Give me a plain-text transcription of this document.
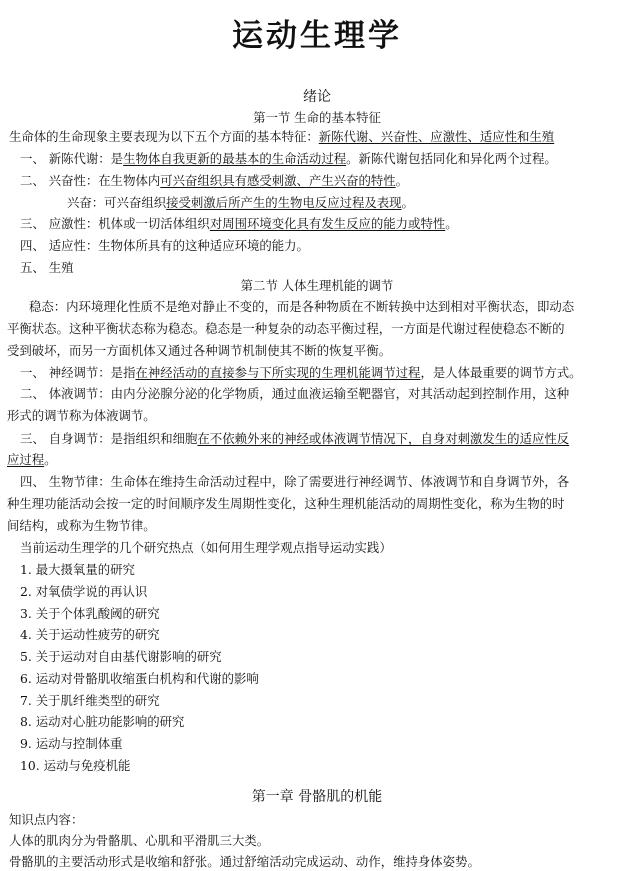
运动生理学
绪论
第一节 生命的基本特征
生命体的生命现象主要表现为以下五个方面的基本特征：新陈代谢、兴奋性、应激性、适应性和生殖
一、 新陈代谢：是生物体自我更新的最基本的生命活动过程。新陈代谢包括同化和异化两个过程。
二、 兴奋性：在生物体内可兴奋组织具有感受刺激、产生兴奋的特性。
兴奋：可兴奋组织接受刺激后所产生的生物电反应过程及表现。
三、 应激性：机体或一切活体组织对周围环境变化具有发生反应的能力或特性。
四、 适应性：生物体所具有的这种适应环境的能力。
五、 生殖
第二节 人体生理机能的调节
稳态：内环境理化性质不是绝对静止不变的，而是各种物质在不断转换中达到相对平衡状态，即动态
平衡状态。这种平衡状态称为稳态。稳态是一种复杂的动态平衡过程，一方面是代谢过程使稳态不断的
受到破坏，而另一方面机体又通过各种调节机制使其不断的恢复平衡。
一、 神经调节：是指在神经活动的直接参与下所实现的生理机能调节过程，是人体最重要的调节方式。
二、 体液调节：由内分泌腺分泌的化学物质，通过血液运输至靶器官，对其活动起到控制作用，这种
形式的调节称为体液调节。
三、 自身调节：是指组织和细胞在不依赖外来的神经或体液调节情况下，自身对刺激发生的适应性反
应过程。
四、 生物节律：生命体在维持生命活动过程中，除了需要进行神经调节、体液调节和自身调节外，各
种生理功能活动会按一定的时间顺序发生周期性变化，这种生理机能活动的周期性变化，称为生物的时
间结构，或称为生物节律。
当前运动生理学的几个研究热点（如何用生理学观点指导运动实践）
1. 最大摄氧量的研究
2. 对氧债学说的再认识
3. 关于个体乳酸阈的研究
4. 关于运动性疲劳的研究
5. 关于运动对自由基代谢影响的研究
6. 运动对骨骼肌收缩蛋白机构和代谢的影响
7. 关于肌纤维类型的研究
8. 运动对心脏功能影响的研究
9. 运动与控制体重
10. 运动与免疫机能
第一章 骨骼肌的机能
知识点内容：
人体的肌肉分为骨骼肌、心肌和平滑肌三大类。
骨骼肌的主要活动形式是收缩和舒张。通过舒缩活动完成运动、动作，维持身体姿势。
